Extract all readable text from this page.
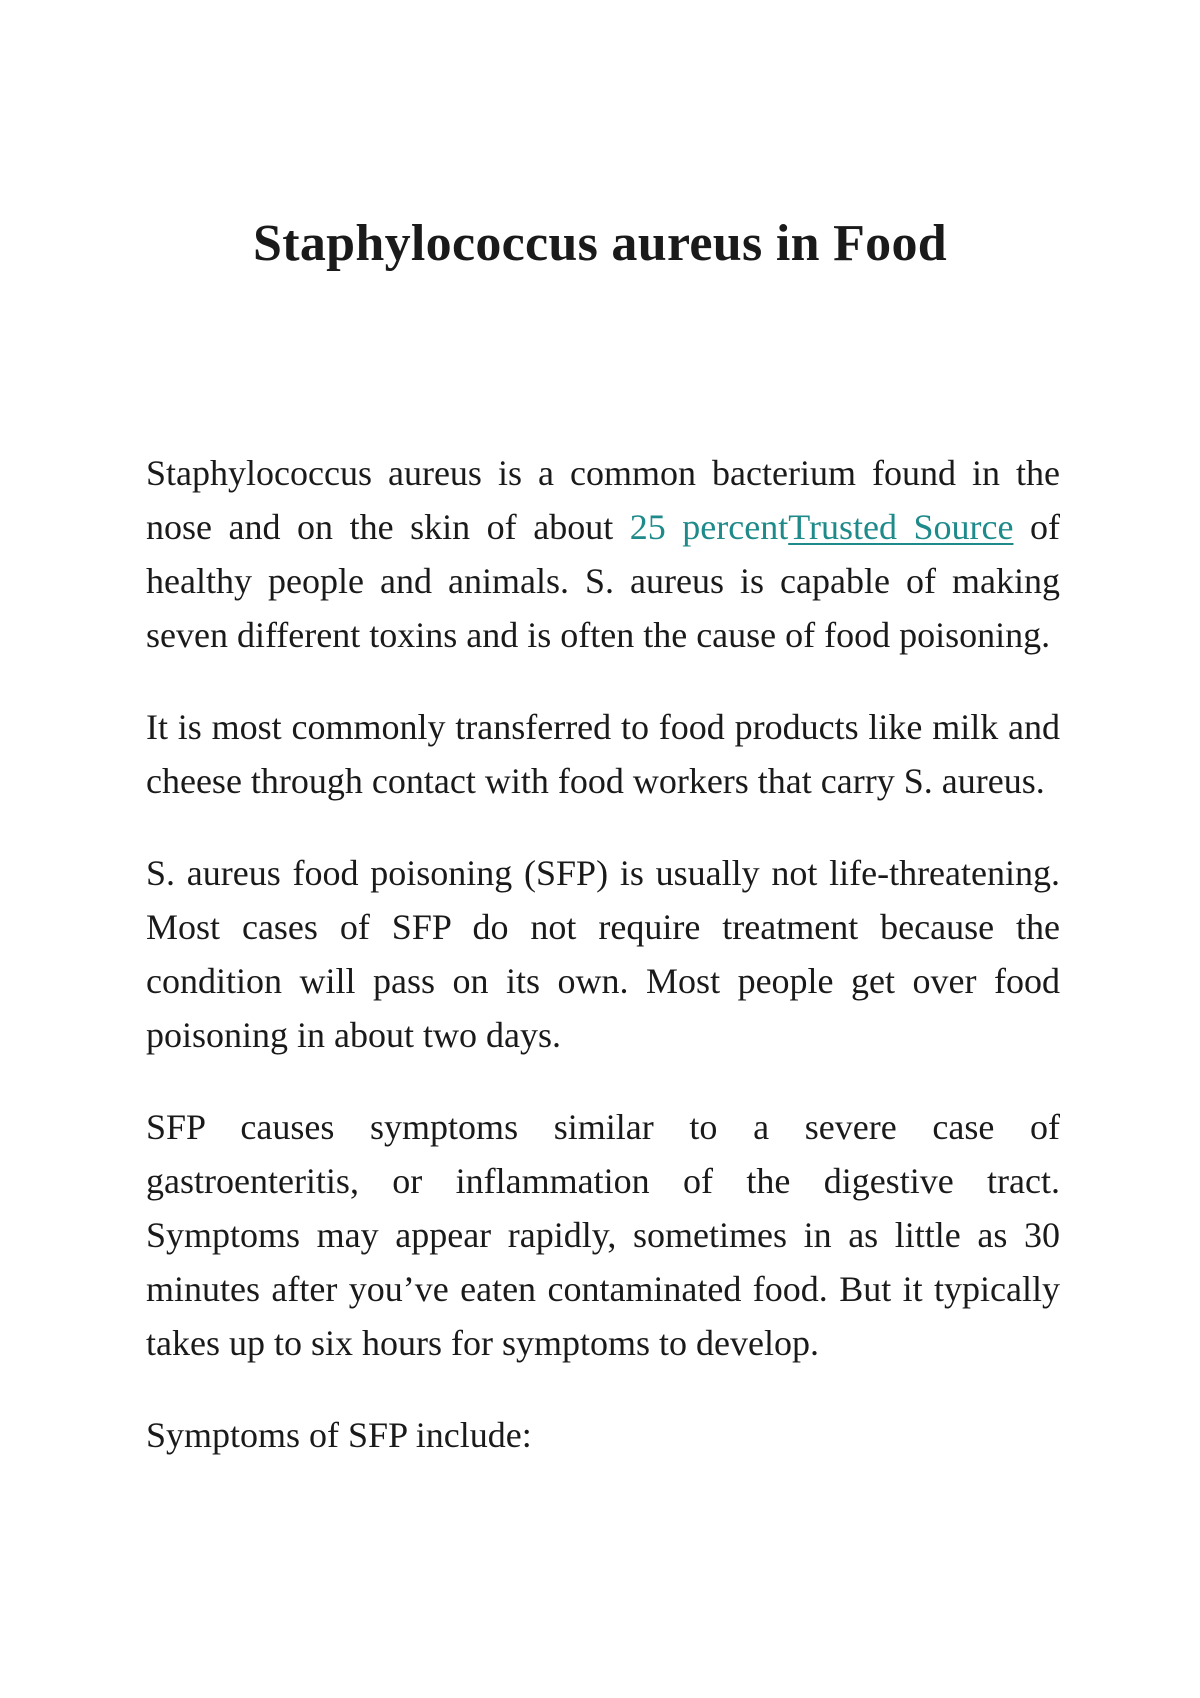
Staphylococcus aureus in Food

Staphylococcus aureus is a common bacterium found in the nose and on the skin of about 25 percentTrusted Source of healthy people and animals. S. aureus is capable of making seven different toxins and is often the cause of food poisoning.

It is most commonly transferred to food products like milk and cheese through contact with food workers that carry S. aureus.

S. aureus food poisoning (SFP) is usually not life-threatening. Most cases of SFP do not require treatment because the condition will pass on its own. Most people get over food poisoning in about two days.

SFP causes symptoms similar to a severe case of gastroenteritis, or inflammation of the digestive tract. Symptoms may appear rapidly, sometimes in as little as 30 minutes after you’ve eaten contaminated food. But it typically takes up to six hours for symptoms to develop.

Symptoms of SFP include:
